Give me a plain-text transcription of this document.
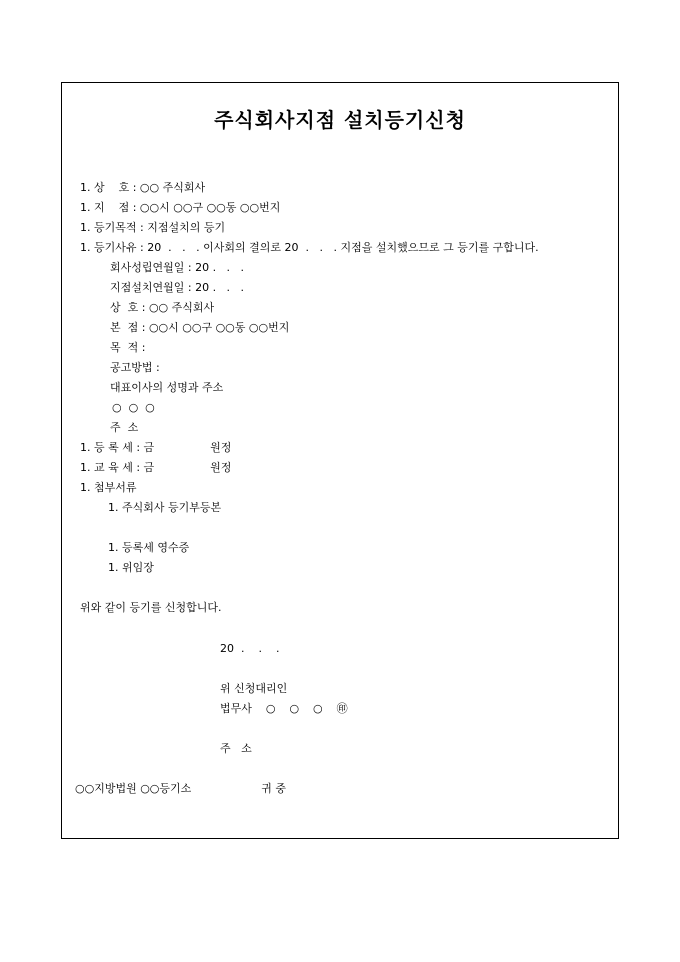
주식회사지점 설치등기신청
1. 상    호 : ○○ 주식회사
1. 지    점 : ○○시 ○○구 ○○동 ○○번지
1. 등기목적 : 지점설치의 등기
1. 등기사유 : 20  .   .   . 이사회의 결의로 20  .   .   . 지점을 설치했으므로 그 등기를 구합니다.
회사성립연월일 : 20 .   .   .
지점설치연월일 : 20 .   .   .
상  호 : ○○ 주식회사
본  점 : ○○시 ○○구 ○○동 ○○번지
목  적 :
공고방법 :
대표이사의 성명과 주소
○  ○  ○
주  소
1. 등 록 세 : 금                원정
1. 교 육 세 : 금                원정
1. 첨부서류
1. 주식회사 등기부등본
1. 등록세 영수증
1. 위임장
위와 같이 등기를 신청합니다.
20  .    .    .
위 신청대리인
법무사    ○    ○    ○    ㊞
주   소
○○지방법원 ○○등기소                    귀 중
